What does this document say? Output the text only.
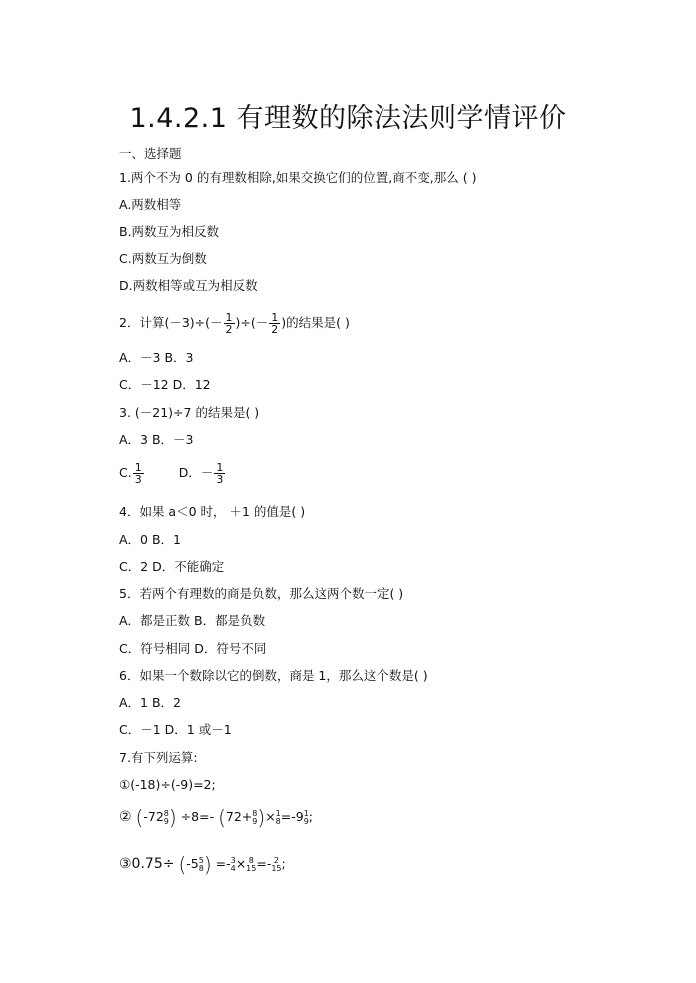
1.4.2.1 有理数的除法法则学情评价
一、选择题
1.两个不为 0 的有理数相除,如果交换它们的位置,商不变,那么 ( )
A.两数相等
B.两数互为相反数
C.两数互为倒数
D.两数相等或互为相反数
2．计算$(-3)\div(- \frac{1}{2}$ )÷(－ $\frac{1}{2}$ )的结果是( )
A．－3 B．3
C．－12 D．12
3. (－21)÷7 的结果是( )
A．3 B．－3
C. $\frac{1}{3}$	D．－ $\frac{1}{3}$
4．如果 a＜0 时， ＋1 的值是( )
A．0 B．1
C．2 D．不能确定
5．若两个有理数的商是负数，那么这两个数一定( )
A．都是正数 B．都是负数
C．符号相同 D．符号不同
6．如果一个数除以它的倒数，商是 1，那么这个数是( )
A．1 B．2
C．－1 D．1 或－1
7.有下列运算:
①(-18)÷(-9)=2;
② (-72 8
9 ) ÷8=- (72+ 8
9 )× 1
8 =-9 1
9 ;
③0.75÷ (-5 5
8 ) =- 3
4 × 8
15 =- 2
15 ;
